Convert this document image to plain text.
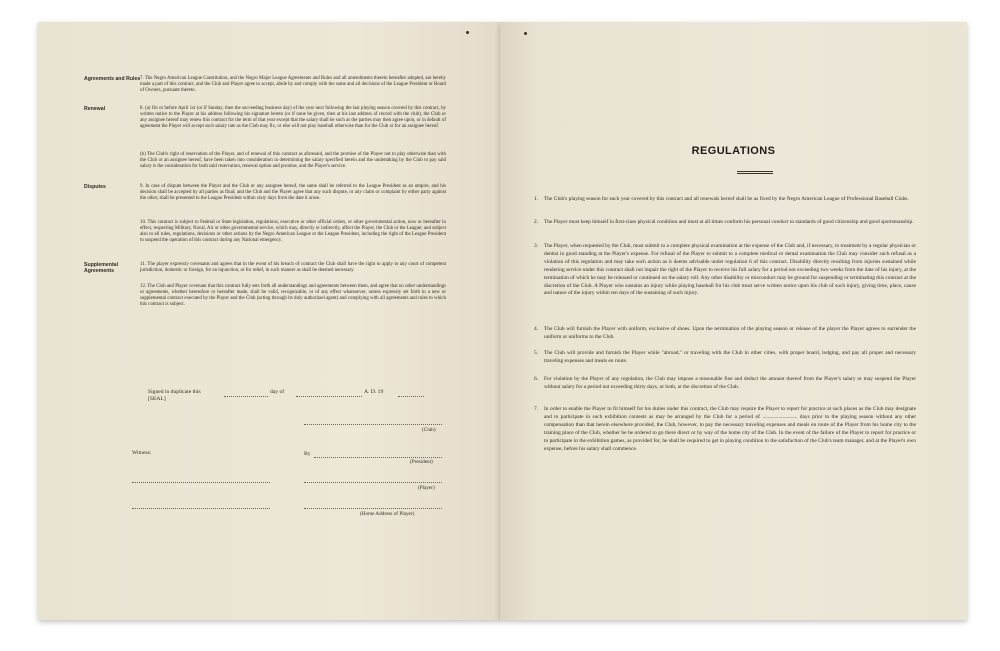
Agreements and Rules 7. The Negro American League Constitution, and the Negro Major League Agreements and Rules and all amendments thereto hereafter adopted, are hereby made a part of this contract, and the Club and Player agree to accept, abide by and comply with the same and all decisions of the League President or Board of Owners, pursuant thereto.
Renewal	8. (a) On or before April 1st (or if Sunday, then the succeeding business day) of the year next following the last playing season covered by this contract, by written notice to the Player at his address following his signature hereto (or if none be given, then at his last address of record with the club), the Club or any assignee hereof may renew this contract for the term of that year except that the salary shall be such as the parties may then agree upon, or in default of agreement the Player will accept such salary rate as the Club may fix, or else will not play baseball otherwise than for the Club or for an assignee hereof.
(b) The Club's right of reservation of the Player, and of renewal of this contract as aforesaid, and the promise of the Player not to play otherwise than with the Club or an assignee hereof, have been taken into consideration in determining the salary specified herein and the undertaking by the Club to pay said salary is the consideration for both said reservation, renewal option and promise, and the Player's service.
Disputes	9. In case of dispute between the Player and the Club or any assignee hereof, the same shall be referred to the League President as an umpire, and his decision shall be accepted by all parties as final; and the Club and the Player agree that any such dispute, or any claim or complaint by either party against the other, shall be presented to the League President within sixty days from the date it arose.
10. This contract is subject to Federal or State legislation, regulations, executive or other official orders, or other governmental action, now or hereafter in effect, respecting Military, Naval, Air or other governmental service, which may, directly or indirectly, affect the Player, the Club or the League; and subject also to all rules, regulations, decisions or other actions by the Negro American League or the League President, including the right of the League President to suspend the operation of this contract during any National emergency.
Supplemental Agreements
11. The player expressly covenants and agrees that in the event of his breach of contract the Club shall have the right to apply to any court of competent jurisdiction, domestic or foreign, for an injunction, or for relief, in such manner as shall be deemed necessary.
12. The Club and Player covenant that this contract fully sets forth all understandings and agreements between them, and agree that no other understandings or agreements, whether heretofore or hereafter made, shall be valid, recognizable, or of any effect whatsoever, unless expressly set forth in a new or supplemental contract executed by the Player and the Club (acting through its duly authorized agent) and complying with all agreements and rules to which this contract is subject.
Signed in duplicate this	day of	A. D. 19
[SEAL]
(Club)
Witness:	By
(President)
(Player)
(Home Address of Player)
REGULATIONS
1. The Club's playing season for each year covered by this contract and all renewals hereof shall be as fixed by the Negro American League of Professional Baseball Clubs.
2. The Player must keep himself in first-class physical condition and must at all times conform his personal conduct to standards of good citizenship and good sportsmanship.
3. The Player, when requested by the Club, must submit to a complete physical examination at the expense of the Club and, if necessary, to treatment by a regular physician or dentist in good standing at the Player's expense. For refusal of the Player to submit to a complete medical or dental examination the Club may consider such refusal as a violation of this regulation and may take such action as it deems advisable under regulation 6 of this contract. Disability directly resulting from injuries sustained while rendering service under this contract shall not impair the right of the Player to receive his full salary for a period not exceeding two weeks from the date of his injury, at the termination of which he may be released or continued on the salary roll. Any other disability or misconduct may be ground for suspending or terminating this contract at the discretion of the Club. A Player who sustains an injury while playing baseball for his club must serve written notice upon his club of such injury, giving time, place, cause and nature of the injury within ten days of the sustaining of such injury.
4. The Club will furnish the Player with uniform, exclusive of shoes. Upon the termination of the playing season or release of the player the Player agrees to surrender the uniform or uniforms to the Club.
5. The Club will provide and furnish the Player while "abroad," or traveling with the Club in other cities, with proper board, lodging, and pay all proper and necessary traveling expenses and meals en route.
6. For violation by the Player of any regulation, the Club may impose a reasonable fine and deduct the amount thereof from the Player's salary or may suspend the Player without salary for a period not exceeding thirty days, or both, at the discretion of the Club.
7. In order to enable the Player to fit himself for his duties under this contract, the Club may require the Player to report for practice at such places as the Club may designate and to participate in such exhibition contests as may be arranged by the Club for a period of .......................... days prior to the playing season without any other compensation than that herein elsewhere provided, the Club, however, to pay the necessary traveling expenses and meals en route of the Player from his home city to the training place of the Club, whether he be ordered to go there direct or by way of the home city of the Club. In the event of the failure of the Player to report for practice or to participate in the exhibition games, as provided for, he shall be required to get in playing condition to the satisfaction of the Club's team manager, and at the Player's own expense, before his salary shall commence.
